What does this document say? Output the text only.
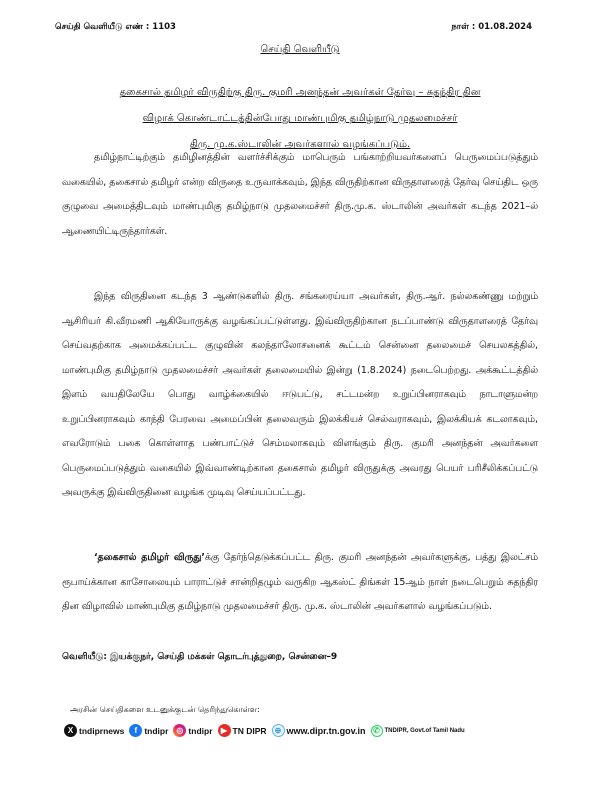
செய்தி வெளியீடு எண் : 1103	நாள் : 01.08.2024
செய்தி வெளியீடு
தகைசால் தமிழர் விருதிற்கு திரு. குமரி அனந்தன் அவர்கள் தேர்வு – சுதந்திர தின
விழாக் கொண்டாட்டத்தின்போது மாண்புமிகு தமிழ்நாடு முதலமைச்சர்
திரு. மு.க.ஸ்டாலின் அவர்களால் வழங்கப்படும்.
தமிழ்நாட்டிற்கும் தமிழினத்தின் வளர்ச்சிக்கும் மாபெரும் பங்காற்றியவர்களைப் பெருமைப்படுத்தும் வகையில், தகைசால் தமிழர் என்ற விருதை உருவாக்கவும், இந்த விருதிற்கான விருதாளரைத் தேர்வு செய்திட ஒரு குழுவை அமைத்திடவும் மாண்புமிகு தமிழ்நாடு முதலமைச்சர் திரு.மு.க. ஸ்டாலின் அவர்கள் கடந்த 2021–ல் ஆணையிட்டிருந்தார்கள்.
இந்த விருதினை கடந்த 3 ஆண்டுகளில் திரு. சங்கரைய்யா அவர்கள், திரு.ஆர். நல்லகண்ணு மற்றும் ஆசிரியர் கி.வீரமணி ஆகியோருக்கு வழங்கப்பட்டுள்ளது. இவ்விருதிற்கான நடப்பாண்டு விருதாளரைத் தேர்வு செய்வதற்காக அமைக்கப்பட்ட குழுவின் கலந்தாலோசனைக் கூட்டம் சென்னை தலைமைச் செயலகத்தில், மாண்புமிகு தமிழ்நாடு முதலமைச்சர் அவர்கள் தலைமையில் இன்று (1.8.2024) நடைபெற்றது. அக்கூட்டத்தில் இளம் வயதிலேயே பொது வாழ்க்கையில் ஈடுபட்டு, சட்டமன்ற உறுப்பினராகவும் நாடாளுமன்ற உறுப்பினராகவும் காந்தி பேரவை அமைப்பின் தலைவரும் இலக்கியச் செல்வராகவும், இலக்கியக் கடலாகவும், எவரோடும் பகை கொள்ளாத பண்பாட்டுச் செம்மலாகவும் விளங்கும் திரு. குமரி அனந்தன் அவர்களை பெருமைப்படுத்தும் வகையில் இவ்வாண்டிற்கான தகைசால் தமிழர் விருதுக்கு அவரது பெயர் பரிசீலிக்கப்பட்டு அவருக்கு இவ்விருதினை வழங்க முடிவு செய்யப்பட்டது.
‘தகைசால் தமிழர் விருது’க்கு தேர்ந்தெடுக்கப்பட்ட திரு. குமரி அனந்தன் அவர்களுக்கு, பத்து இலட்சம் ரூபாய்க்கான காசோலையும் பாராட்டுச் சான்றிதழும் வருகிற ஆகஸ்ட் திங்கள் 15ஆம் நாள் நடைபெறும் சுதந்திர தின விழாவில் மாண்புமிகு தமிழ்நாடு முதலமைச்சர் திரு. மு.க. ஸ்டாலின் அவர்களால் வழங்கப்படும்.
வெளியீடு: இயக்குநர், செய்தி மக்கள் தொடர்புத்துறை, சென்னை–9
அரசின் செய்திகளை உடனுக்குடன் தெரிந்துகொள்ள:
X tndiprnews	f tndipr	◎ tndipr	▶ TN DIPR	⊕ www.dipr.tn.gov.in ✆ TNDIPR, Govt.of Tamil Nadu
